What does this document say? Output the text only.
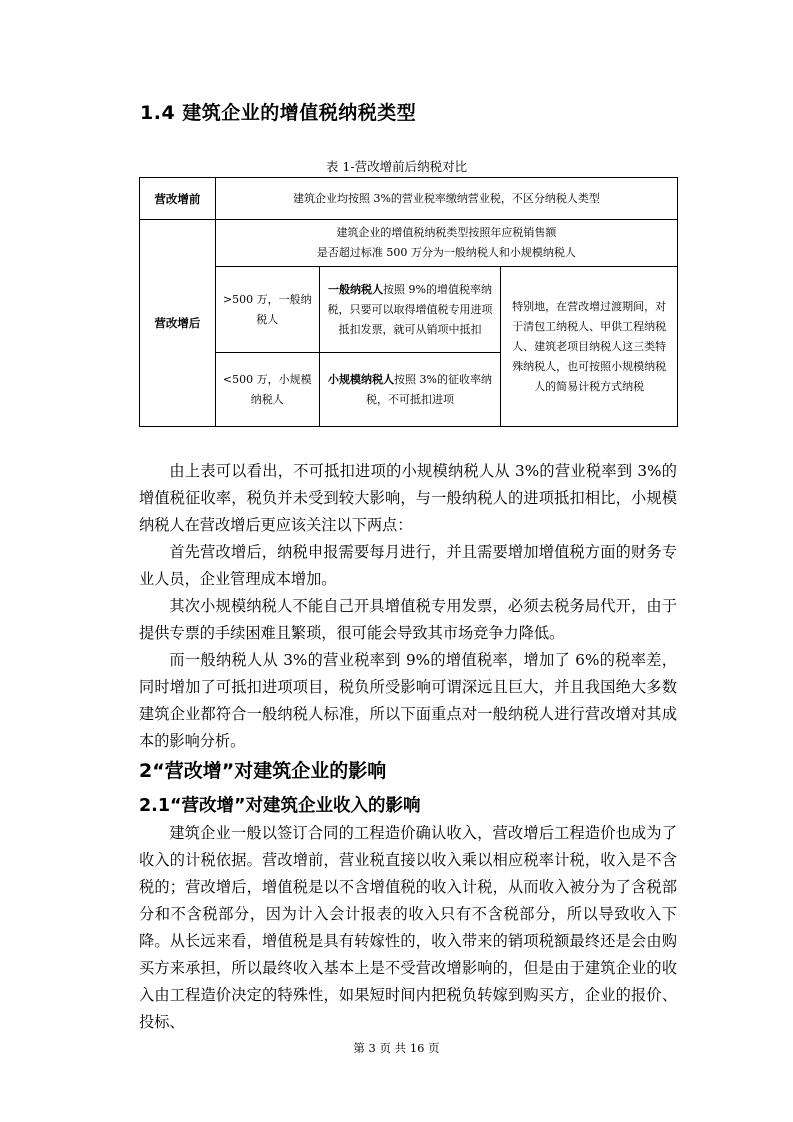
1.4 建筑企业的增值税纳税类型
表 1-营改增前后纳税对比
营改增前	建筑企业均按照 3%的营业税率缴纳营业税，不区分纳税人类型		
营改增后	建筑企业的增值税纳税类型按照年应税销售额
是否超过标准 500 万分为一般纳税人和小规模纳税人		

	>500 万，一般纳税人	一般纳税人按照 9%的增值税率纳税，只要可以取得增值税专用进项抵扣发票，就可从销项中抵扣	特别地，在营改增过渡期间，对于清包工纳税人、甲供工程纳税人、建筑老项目纳税人这三类特殊纳税人，也可按照小规模纳税人的简易计税方式纳税
	<500 万，小规模纳税人	小规模纳税人按照 3%的征收率纳税，不可抵扣进项	

由上表可以看出，不可抵扣进项的小规模纳税人从 3%的营业税率到 3%的增值税征收率，税负并未受到较大影响，与一般纳税人的进项抵扣相比，小规模纳税人在营改增后更应该关注以下两点：

首先营改增后，纳税申报需要每月进行，并且需要增加增值税方面的财务专业人员，企业管理成本增加。

其次小规模纳税人不能自己开具增值税专用发票，必须去税务局代开，由于提供专票的手续困难且繁琐，很可能会导致其市场竞争力降低。

而一般纳税人从 3%的营业税率到 9%的增值税率，增加了 6%的税率差，同时增加了可抵扣进项项目，税负所受影响可谓深远且巨大，并且我国绝大多数建筑企业都符合一般纳税人标准，所以下面重点对一般纳税人进行营改增对其成本的影响分析。

2“营改增”对建筑企业的影响
2.1“营改增”对建筑企业收入的影响

建筑企业一般以签订合同的工程造价确认收入，营改增后工程造价也成为了收入的计税依据。营改增前，营业税直接以收入乘以相应税率计税，收入是不含税的；营改增后，增值税是以不含增值税的收入计税，从而收入被分为了含税部分和不含税部分，因为计入会计报表的收入只有不含税部分，所以导致收入下降。从长远来看，增值税是具有转嫁性的，收入带来的销项税额最终还是会由购买方来承担，所以最终收入基本上是不受营改增影响的，但是由于建筑企业的收入由工程造价决定的特殊性，如果短时间内把税负转嫁到购买方，企业的报价、投标、

第 3 页 共 16 页
